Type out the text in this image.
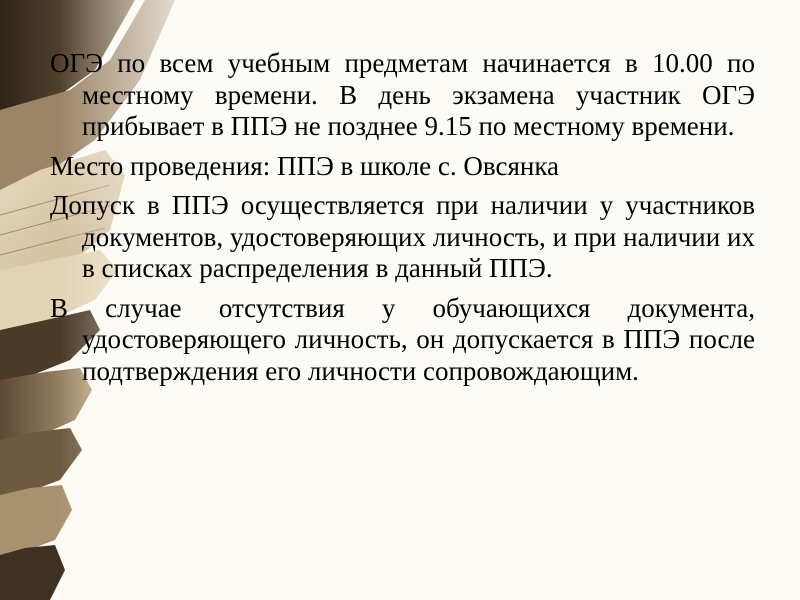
ОГЭ по всем учебным предметам начинается в 10.00 по местному времени. В день экзамена участник ОГЭ прибывает в ППЭ не позднее 9.15 по местному времени.

Место проведения: ППЭ в школе с. Овсянка

Допуск в ППЭ осуществляется при наличии у участников документов, удостоверяющих личность, и при наличии их в списках распределения в данный ППЭ.

В случае отсутствия у обучающихся документа, удостоверяющего личность, он допускается в ППЭ после подтверждения его личности сопровождающим.
